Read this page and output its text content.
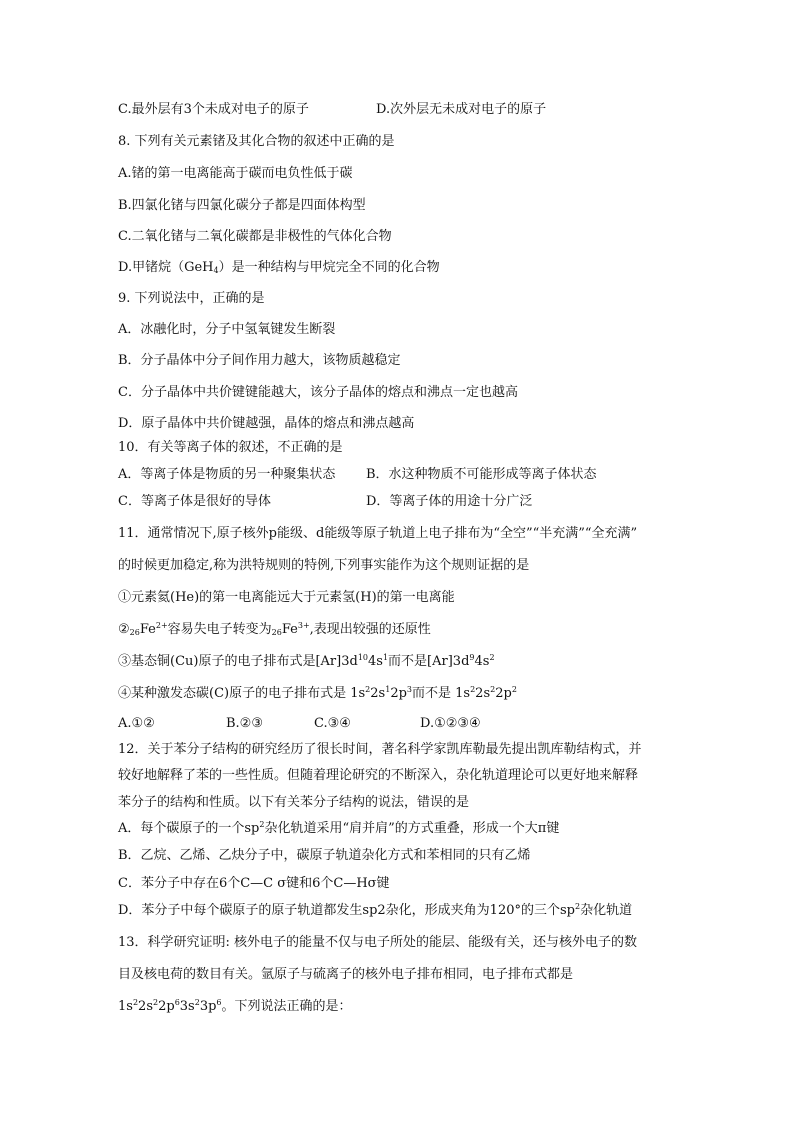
C.最外层有3个未成对电子的原子	D.次外层无未成对电子的原子
8. 下列有关元素锗及其化合物的叙述中正确的是
A.锗的第一电离能高于碳而电负性低于碳
B.四氯化锗与四氯化碳分子都是四面体构型
C.二氧化锗与二氧化碳都是非极性的气体化合物
D.甲锗烷（GeH$_4$）是一种结构与甲烷完全不同的化合物
9. 下列说法中，正确的是
A．冰融化时，分子中氢氧键发生断裂
B．分子晶体中分子间作用力越大，该物质越稳定
C．分子晶体中共价键键能越大，该分子晶体的熔点和沸点一定也越高
D．原子晶体中共价键越强，晶体的熔点和沸点越高
10．有关等离子体的叙述，不正确的是
A．等离子体是物质的另一种聚集状态 B．水这种物质不可能形成等离子体状态
C．等离子体是很好的导体	D．等离子体的用途十分广泛
11．通常情况下,原子核外p能级、d能级等原子轨道上电子排布为“全空”“半充满”“全充满”
的时候更加稳定,称为洪特规则的特例,下列事实能作为这个规则证据的是
①元素氦(He)的第一电离能远大于元素氢(H)的第一电离能
$②_{26}Fe^{2+}$容易失电子转变为$_{26}Fe^{3+}$,表现出较强的还原性
③基态铜(Cu)原子的电子排布式是$[Ar]3d^{10}4s^1$而不是$[Ar]3d^94s^2$
④某种激发态碳(C)原子的电子排布式是 $1s^22s^12p^3$而不是 $1s^22s^22p^2$
A.①②	B.②③	C.③④	D.①②③④
12．关于苯分子结构的研究经历了很长时间，著名科学家凯库勒最先提出凯库勒结构式，并
较好地解释了苯的一些性质。但随着理论研究的不断深入，杂化轨道理论可以更好地来解释
苯分子的结构和性质。以下有关苯分子结构的说法，错误的是
A．每个碳原子的一个$sp^2$杂化轨道采用“肩并肩”的方式重叠，形成一个大π键
B．乙烷、乙烯、乙炔分子中，碳原子轨道杂化方式和苯相同的只有乙烯
C．苯分子中存在6个C—C σ键和6个C—Hσ键
D．苯分子中每个碳原子的原子轨道都发生sp2杂化，形成夹角为120°的三个$sp^2$杂化轨道
13．科学研究证明: 核外电子的能量不仅与电子所处的能层、能级有关，还与核外电子的数
目及核电荷的数目有关。氩原子与硫离子的核外电子排布相同，电子排布式都是
$1s^22s^22p^63s^23p^6$。下列说法正确的是：
